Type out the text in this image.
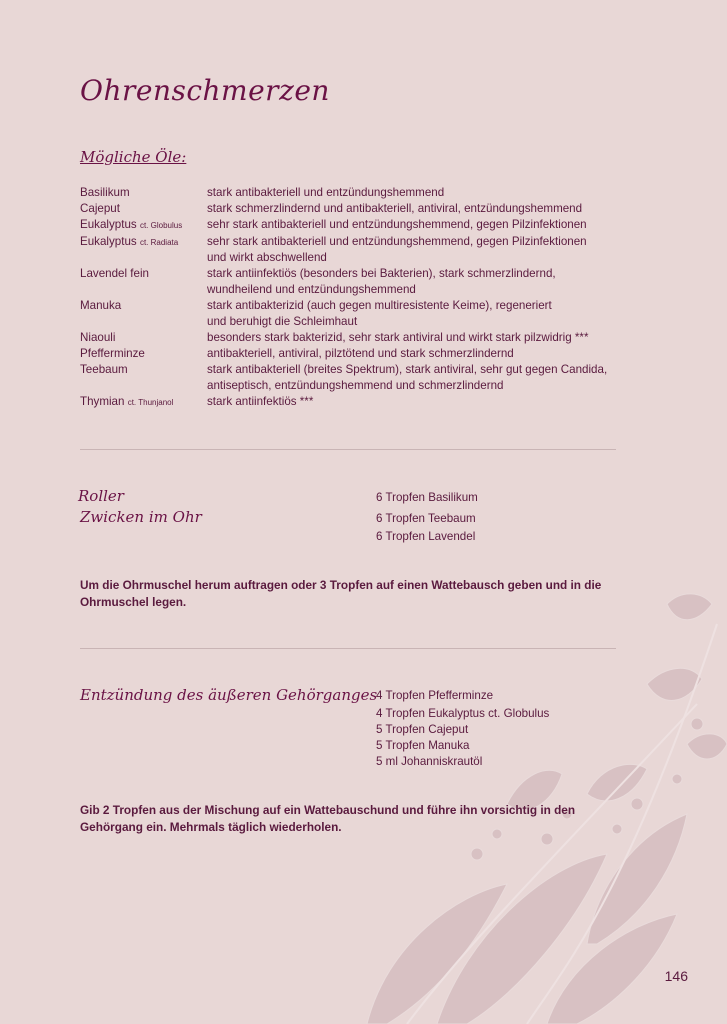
Ohrenschmerzen
Mögliche Öle:
Basilikum	stark antibakteriell und entzündungshemmend
Cajeput	stark schmerzlindernd und antibakteriell, antiviral, entzündungshemmend
Eukalyptus ct. Globulus	sehr stark antibakteriell und entzündungshemmend, gegen Pilzinfektionen
Eukalyptus ct. Radiata	sehr stark antibakteriell und entzündungshemmend, gegen Pilzinfektionen
und wirkt abschwellend
Lavendel fein	stark antiinfektiös (besonders bei Bakterien), stark schmerzlindernd,
wundheilend und entzündungshemmend
Manuka	stark antibakterizid (auch gegen multiresistente Keime), regeneriert
und beruhigt die Schleimhaut
Niaouli	besonders stark bakterizid, sehr stark antiviral und wirkt stark pilzwidrig ***
Pfefferminze	antibakteriell, antiviral, pilztötend und stark schmerzlindernd
Teebaum	stark antibakteriell (breites Spektrum), stark antiviral, sehr gut gegen Candida,
antiseptisch, entzündungshemmend und schmerzlindernd
Thymian ct. Thunjanol	stark antiinfektiös ***
Roller
Zwicken im Ohr
6 Tropfen Basilikum
6 Tropfen Teebaum
6 Tropfen Lavendel
Um die Ohrmuschel herum auftragen oder 3 Tropfen auf einen Wattebausch geben und in die Ohrmuschel legen.
Entzündung des äußeren Gehörganges
4 Tropfen Pfefferminze
4 Tropfen Eukalyptus ct. Globulus
5 Tropfen Cajeput
5 Tropfen Manuka
5 ml Johanniskrautöl
Gib 2 Tropfen aus der Mischung auf ein Wattebauschund und führe ihn vorsichtig in den Gehörgang ein. Mehrmals täglich wiederholen.
146
